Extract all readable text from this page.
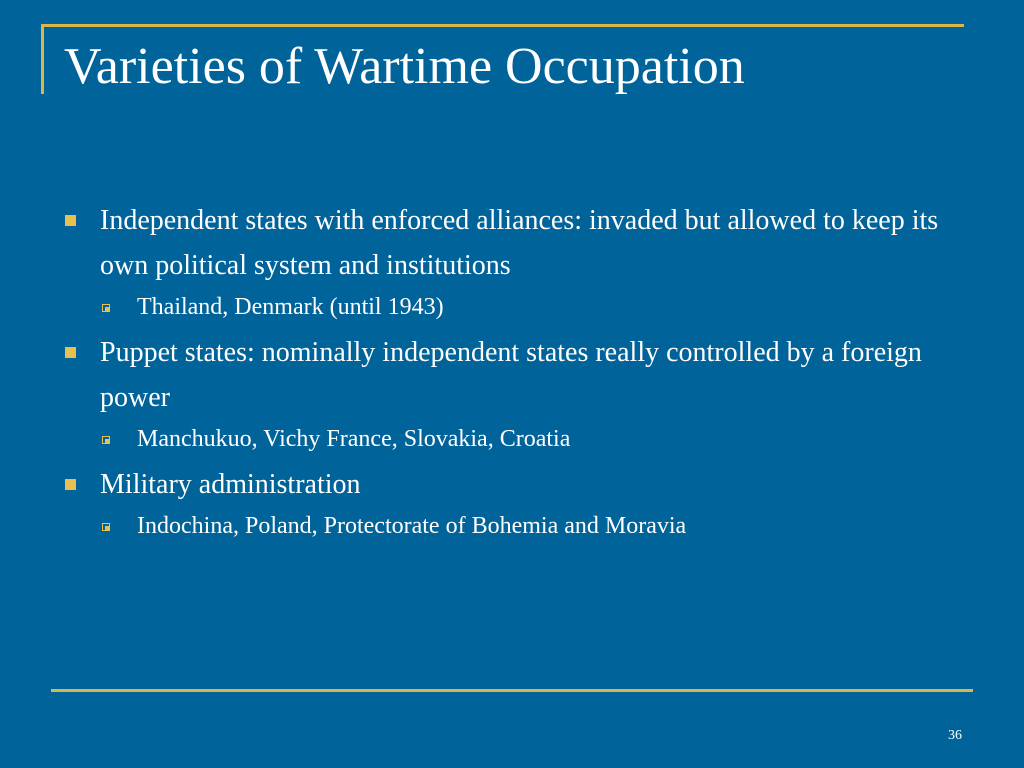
Varieties of Wartime Occupation
Independent states with enforced alliances: invaded but allowed to keep its own political system and institutions
Thailand, Denmark (until 1943)
Puppet states: nominally independent states really controlled by a foreign power
Manchukuo, Vichy France, Slovakia, Croatia
Military administration
Indochina, Poland, Protectorate of Bohemia and Moravia
36
